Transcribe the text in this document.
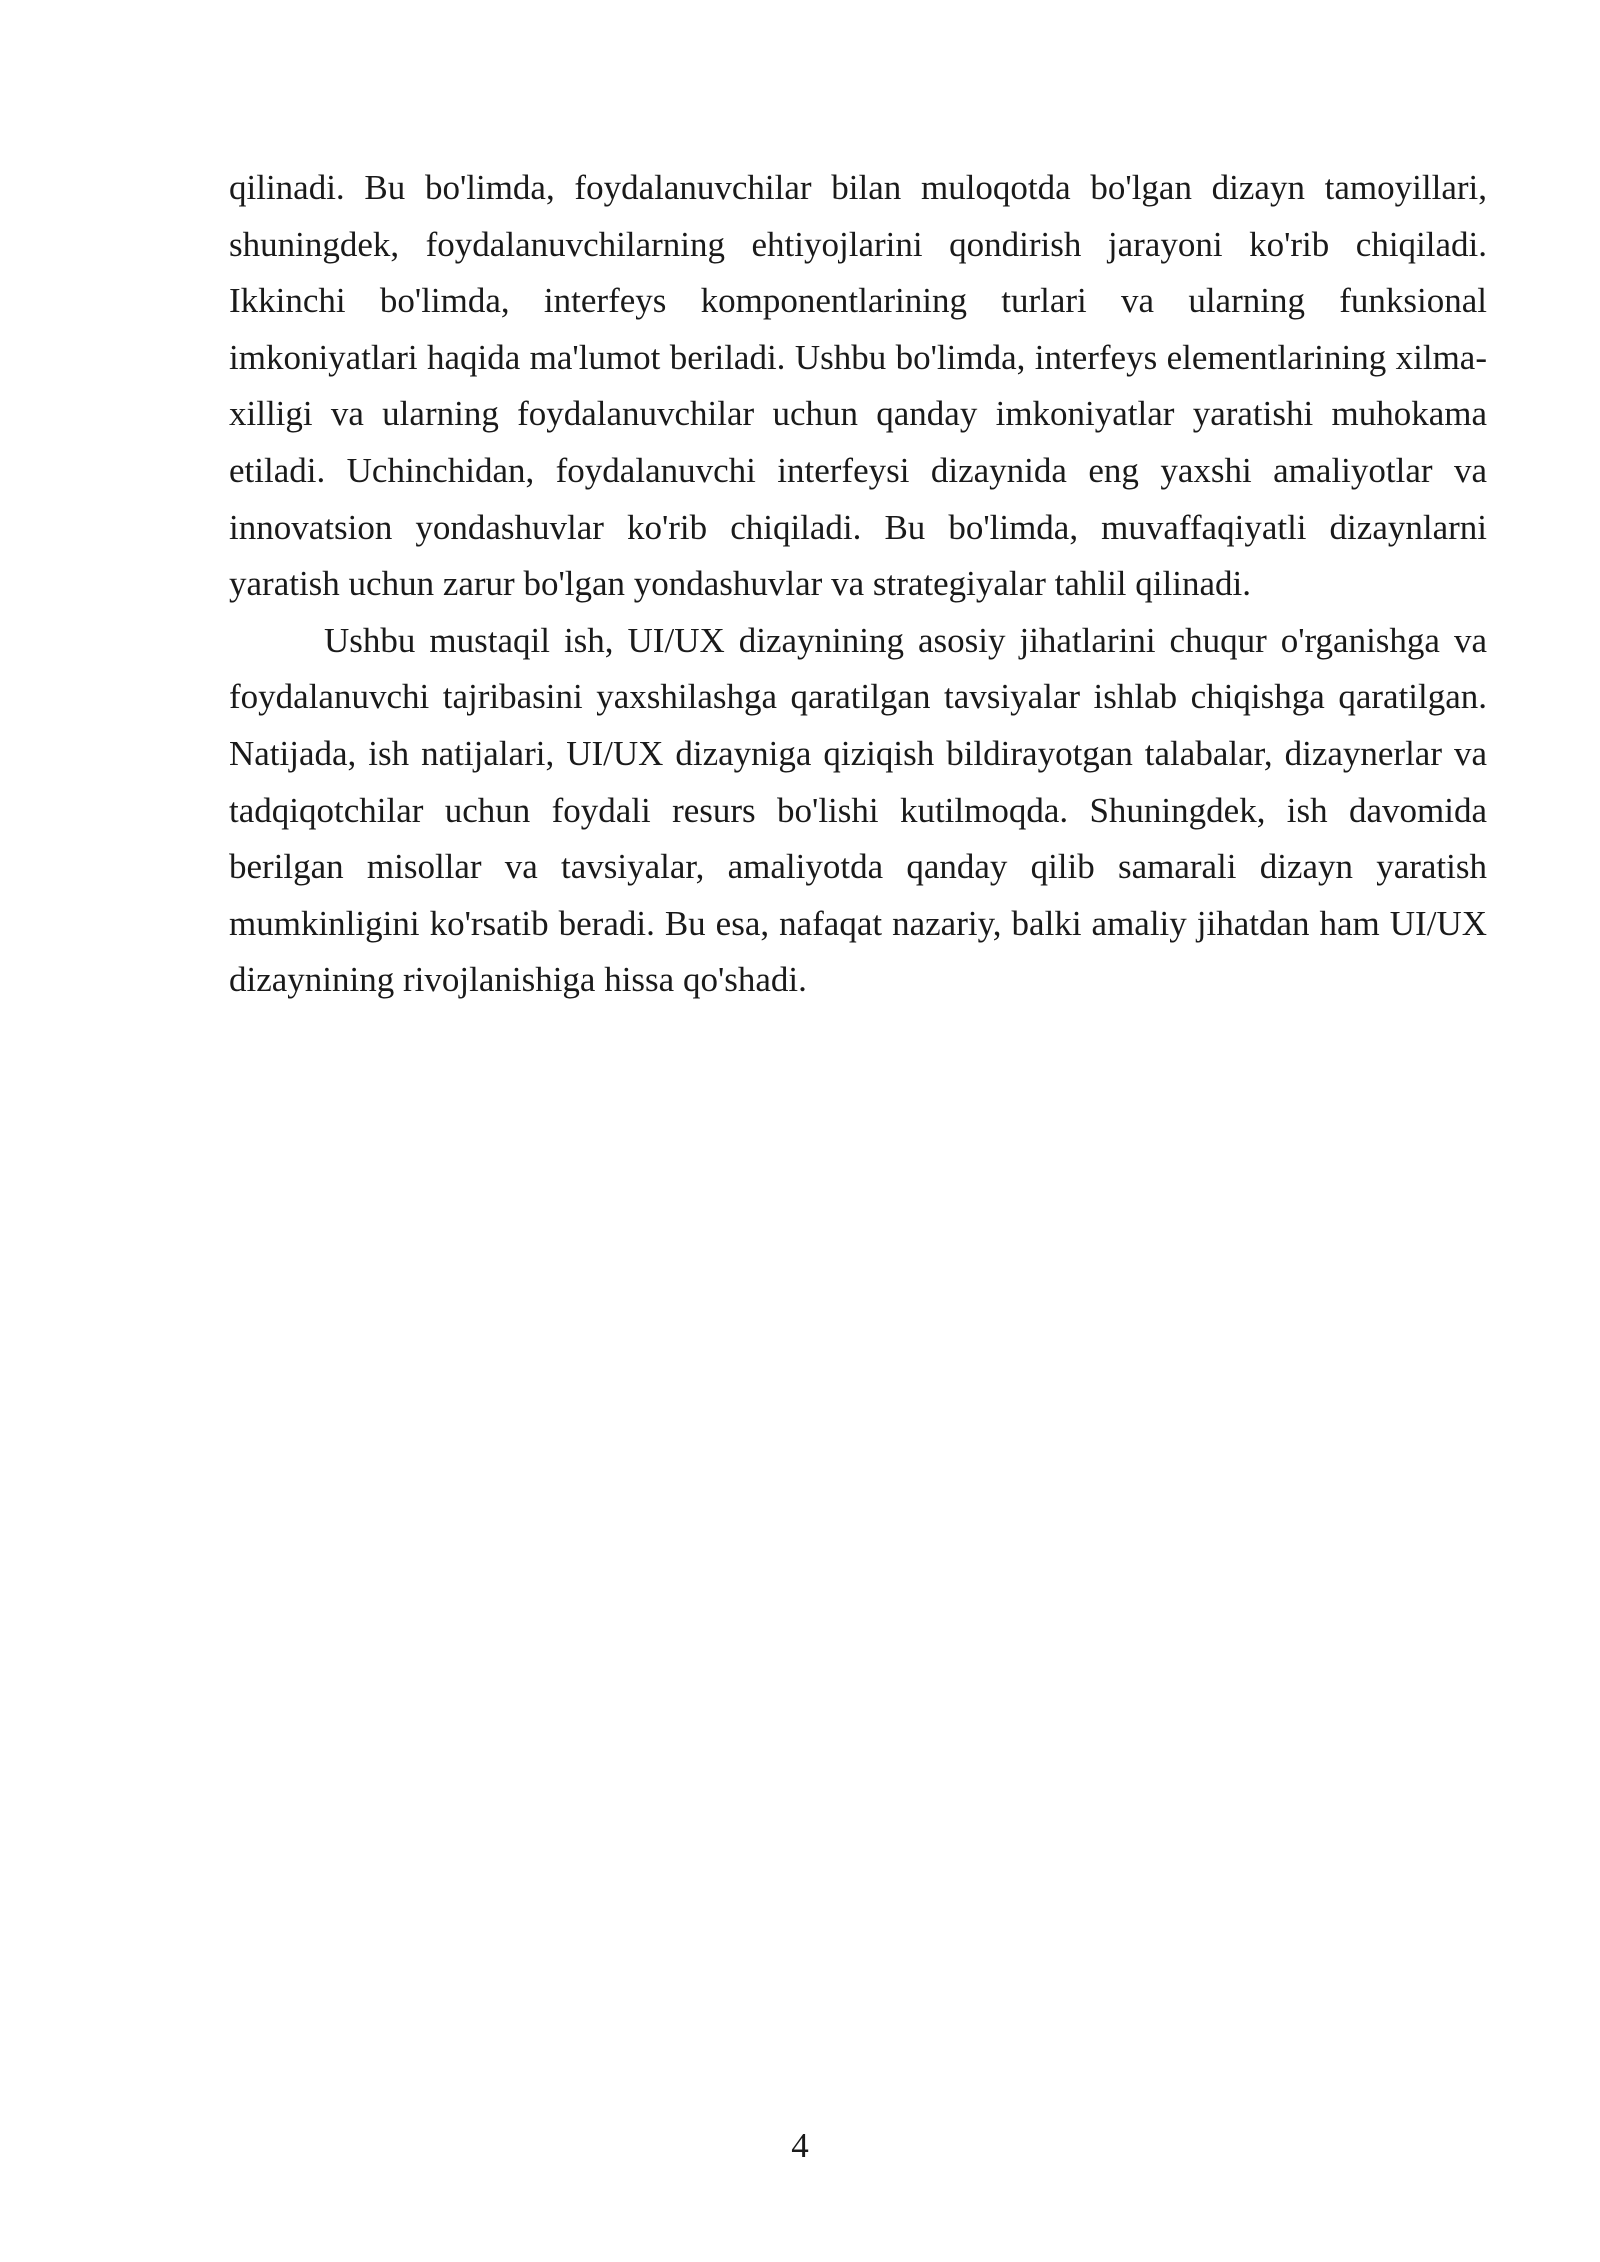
qilinadi. Bu bo'limda, foydalanuvchilar bilan muloqotda bo'lgan dizayn tamoyillari, shuningdek, foydalanuvchilarning ehtiyojlarini qondirish jarayoni ko'rib chiqiladi. Ikkinchi bo'limda, interfeys komponentlarining turlari va ularning funksional imkoniyatlari haqida ma'lumot beriladi. Ushbu bo'limda, interfeys elementlarining xilma-xilligi va ularning foydalanuvchilar uchun qanday imkoniyatlar yaratishi muhokama etiladi. Uchinchidan, foydalanuvchi interfeysi dizaynida eng yaxshi amaliyotlar va innovatsion yondashuvlar ko'rib chiqiladi. Bu bo'limda, muvaffaqiyatli dizaynlarni yaratish uchun zarur bo'lgan yondashuvlar va strategiyalar tahlil qilinadi.

Ushbu mustaqil ish, UI/UX dizaynining asosiy jihatlarini chuqur o'rganishga va foydalanuvchi tajribasini yaxshilashga qaratilgan tavsiyalar ishlab chiqishga qaratilgan. Natijada, ish natijalari, UI/UX dizayniga qiziqish bildirayotgan talabalar, dizaynerlar va tadqiqotchilar uchun foydali resurs bo'lishi kutilmoqda. Shuningdek, ish davomida berilgan misollar va tavsiyalar, amaliyotda qanday qilib samarali dizayn yaratish mumkinligini ko'rsatib beradi. Bu esa, nafaqat nazariy, balki amaliy jihatdan ham UI/UX dizaynining rivojlanishiga hissa qo'shadi.

4
